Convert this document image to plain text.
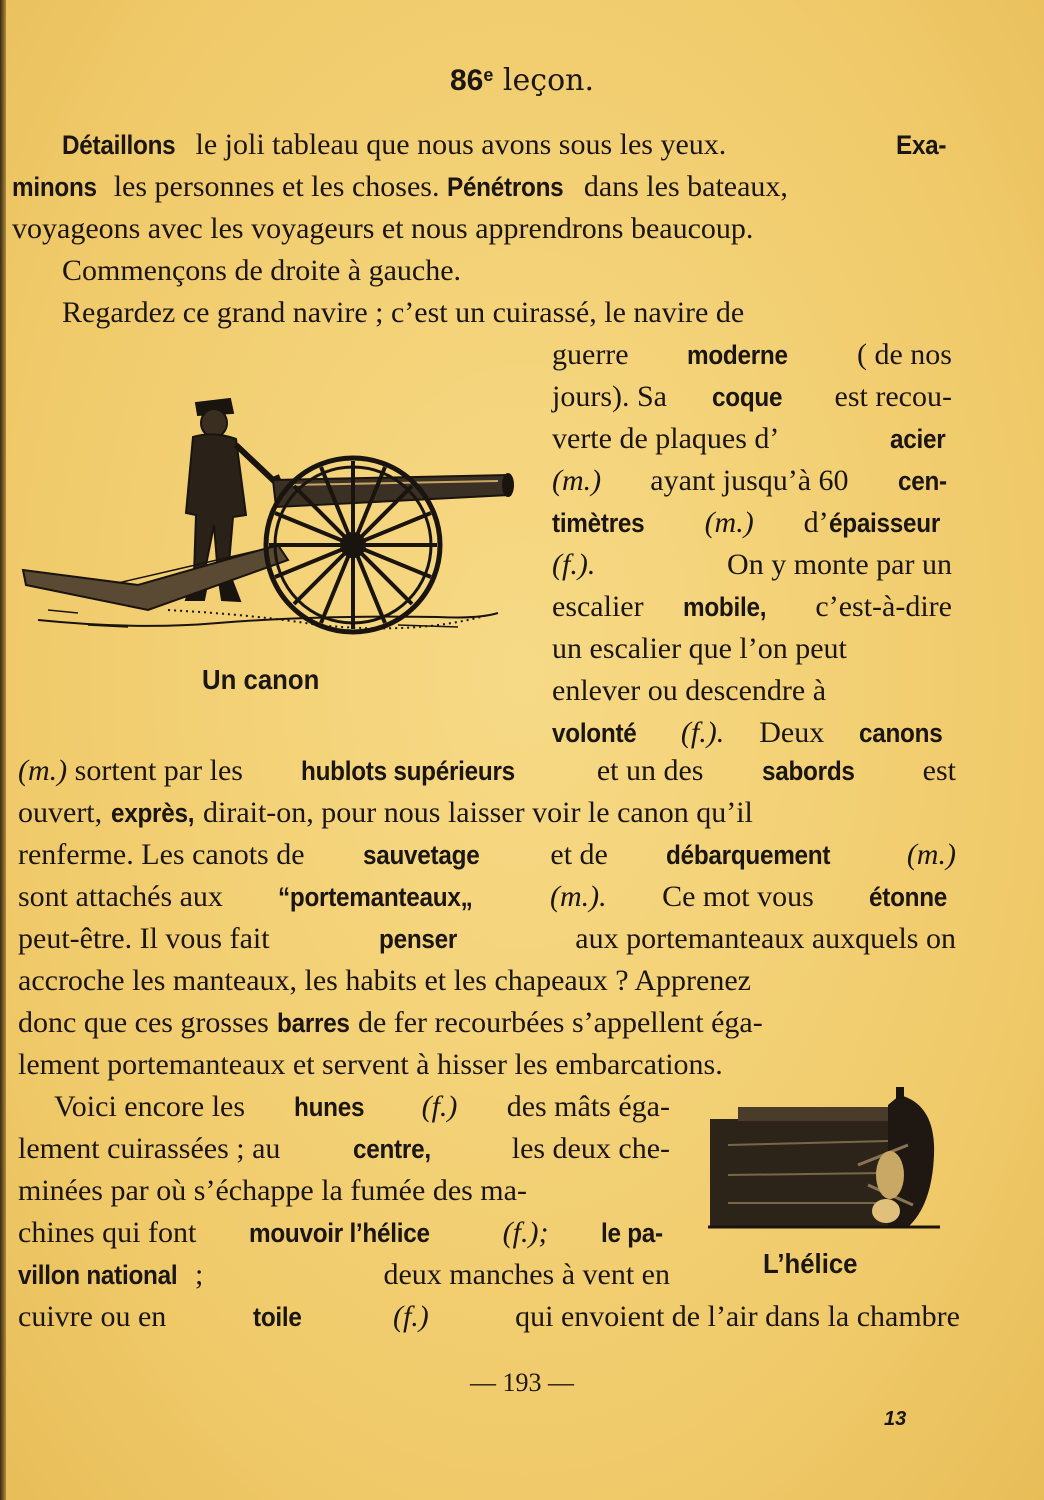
86e leçon.
Détaillons le joli tableau que nous avons sous les yeux.	Exa-
minons les personnes et les choses. Pénétrons dans les bateaux,
voyageons avec les voyageurs et nous apprendrons beaucoup.
Commençons de droite à gauche.
Regardez ce grand navire ; c’est un cuirassé, le navire de
guerre moderne ( de nos
jours). Sa coque est recou-
verte de plaques d’	acier
(m.) ayant jusqu’à 60 cen-
timètres (m.) d’épaisseur
(f.).	On y monte par un
escalier mobile, c’est-à-dire
un escalier que l’on peut
enlever ou descendre à
volonté (f.). Deux canons
Un canon
(m.) sortent par les hublots supérieurs	et un des sabords est
ouvert, exprès, dirait-on, pour nous laisser voir le canon qu’il
renferme. Les canots de sauvetage et de débarquement	(m.)
sont attachés aux “portemanteaux„	(m.). Ce mot vous étonne
peut-être. Il vous fait	penser	aux portemanteaux auxquels on
accroche les manteaux, les habits et les chapeaux ? Apprenez
donc que ces grosses barres de fer recourbées s’appellent éga-
lement portemanteaux et servent à hisser les embarcations.
Voici encore les hunes (f.) des mâts éga-
lement cuirassées ; au	centre,	les deux che-
minées par où s’échappe la fumée des ma-
chines qui font mouvoir l’hélice (f.); le pa-
villon national ;	deux manches à vent en
cuivre ou en	toile	(f.)	qui envoient de l’air dans la chambre
L’hélice
— 193 —
13
